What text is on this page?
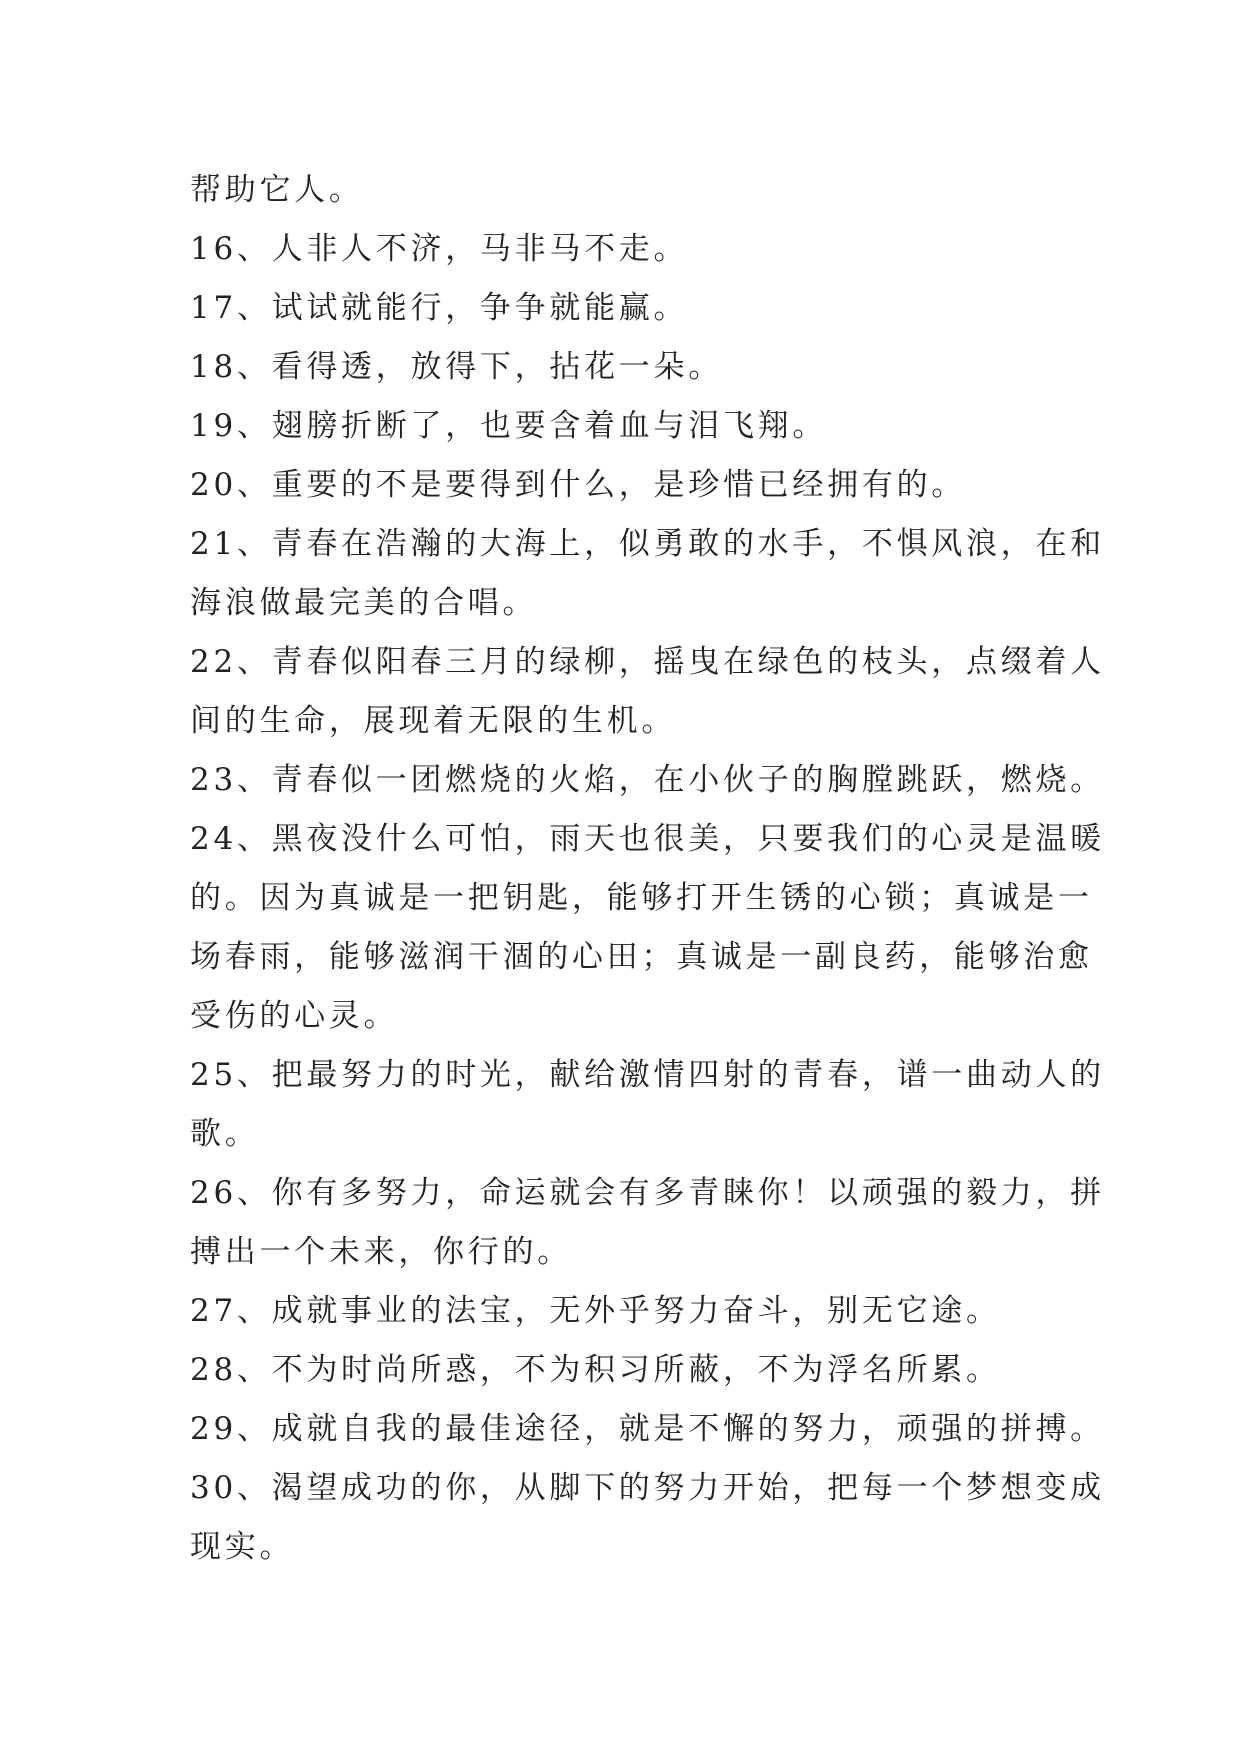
帮助它人。
16、人非人不济，马非马不走。
17、试试就能行，争争就能赢。
18、看得透，放得下，拈花一朵。
19、翅膀折断了，也要含着血与泪飞翔。
20、重要的不是要得到什么，是珍惜已经拥有的。
21、青春在浩瀚的大海上，似勇敢的水手，不惧风浪，在和
海浪做最完美的合唱。
22、青春似阳春三月的绿柳，摇曳在绿色的枝头，点缀着人
间的生命，展现着无限的生机。
23、青春似一团燃烧的火焰，在小伙子的胸膛跳跃，燃烧。
24、黑夜没什么可怕，雨天也很美，只要我们的心灵是温暖
的。因为真诚是一把钥匙，能够打开生锈的心锁；真诚是一
场春雨，能够滋润干涸的心田；真诚是一副良药，能够治愈
受伤的心灵。
25、把最努力的时光，献给激情四射的青春，谱一曲动人的
歌。
26、你有多努力，命运就会有多青睐你！以顽强的毅力，拼
搏出一个未来，你行的。
27、成就事业的法宝，无外乎努力奋斗，别无它途。
28、不为时尚所惑，不为积习所蔽，不为浮名所累。
29、成就自我的最佳途径，就是不懈的努力，顽强的拼搏。
30、渴望成功的你，从脚下的努力开始，把每一个梦想变成
现实。
